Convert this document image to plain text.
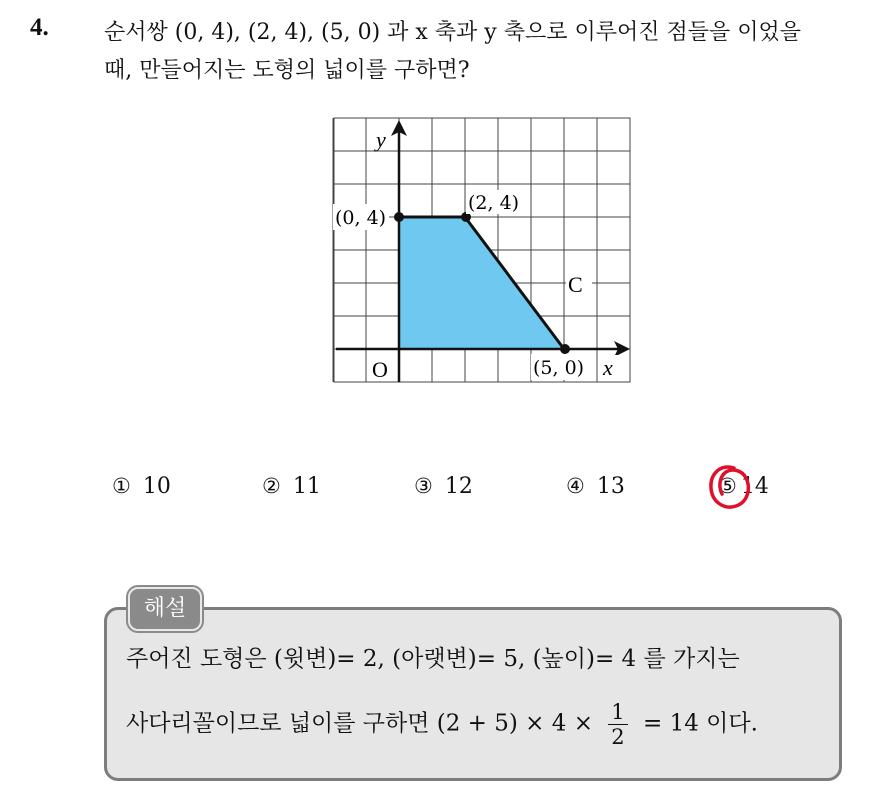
4.	순서쌍 (0, 4), (2, 4), (5, 0) 과 x 축과 y 축으로 이루어진 점들을 이었을
때, 만들어지는 도형의 넓이를 구하면?
O
y
x
(0, 4)
(2, 4)
(5, 0)
C
① 10	② 11	③ 12	④ 13	⑤ 14
해설
주어진 도형은 (윗변)= 2, (아랫변)= 5, (높이)= 4 를 가지는
사다리꼴이므로 넓이를 구하면 $(2 + 5) \times 4 \times \frac{1}{2} = 14$ 이다.
